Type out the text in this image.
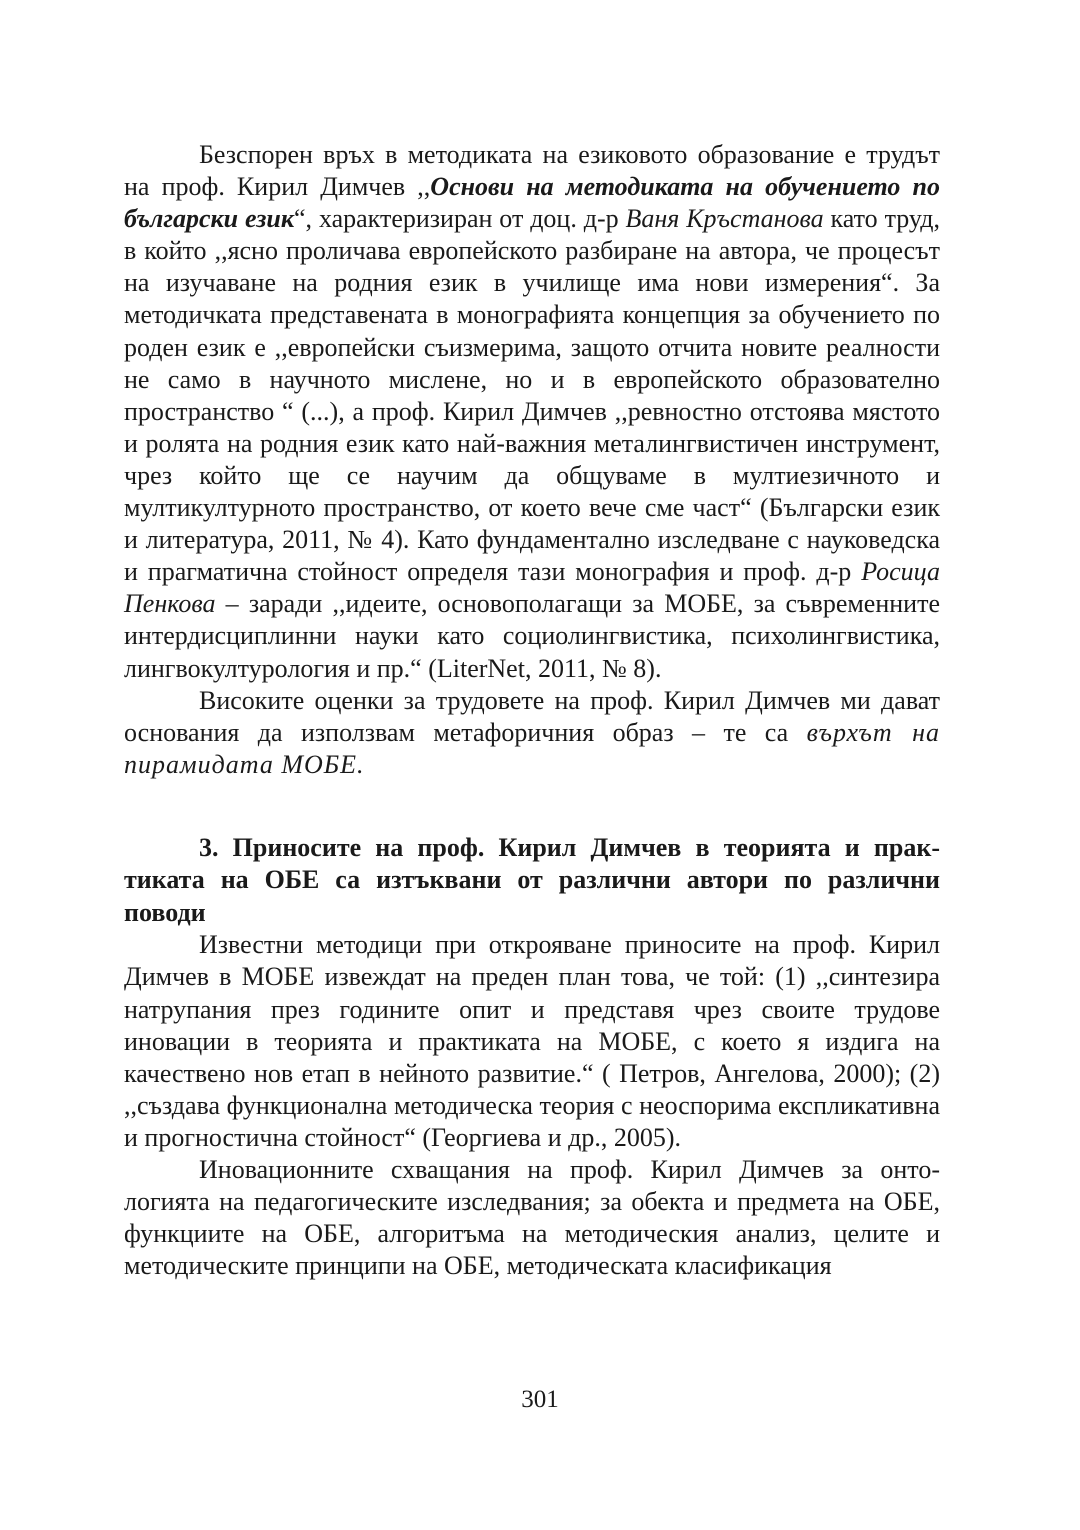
Безспорен връх в методиката на езиковото образование е трудът на проф. Кирил Димчев ,,Основи на методиката на обучението по български език“, характеризиран от доц. д-р Ваня Кръстанова като труд, в който ,,ясно проличава европейското разбиране на автора, че процесът на изучаване на родния език в училище има нови измерения“. За методичката представената в монографията концепция за обучението по роден език е ,,европейски съизмерима, защото отчита новите реалности не само в научното мислене, но и в европейското образователно пространство “ (...), а проф. Кирил Димчев ,,ревностно отстоява мястото и ролята на родния език като най-важния металингвистичен инструмент, чрез който ще се научим да общуваме в мултиезичното и мултикултурното пространство, от което вече сме част“ (Български език и литература, 2011, № 4). Като фундаментално изследване с науковедска и прагматична стойност определя тази монография и проф. д-р Росица Пенкова – заради ,,идеите, основополагащи за МОБЕ, за съвременните интердисциплинни науки като социолингвистика, психолингвистика, лингвокултурология и пр.“ (LiterNet, 2011, № 8).

Високите оценки за трудовете на проф. Кирил Димчев ми дават основания да използвам метафоричния образ – те са върхът на пирамидата МОБЕ.

3. Приносите на проф. Кирил Димчев в теорията и практиката на ОБЕ са изтъквани от различни автори по различни поводи

Известни методици при открояване приносите на проф. Кирил Димчев в МОБЕ извеждат на преден план това, че той: (1) ,,синтезира натрупания през годините опит и представя чрез своите трудове иновации в теорията и практиката на МОБЕ, с което я издига на качествено нов етап в нейното развитие.“ ( Петров, Ангелова, 2000); (2) ,,създава функционална методическа теория с неоспорима експликативна и прогностична стойност“ (Георгиева и др., 2005).

Иновационните схващания на проф. Кирил Димчев за онтологията на педагогическите изследвания; за обекта и предмета на ОБЕ, функциите на ОБЕ, алгоритъма на методическия анализ, целите и методическите принципи на ОБЕ, методическата класификация

301
